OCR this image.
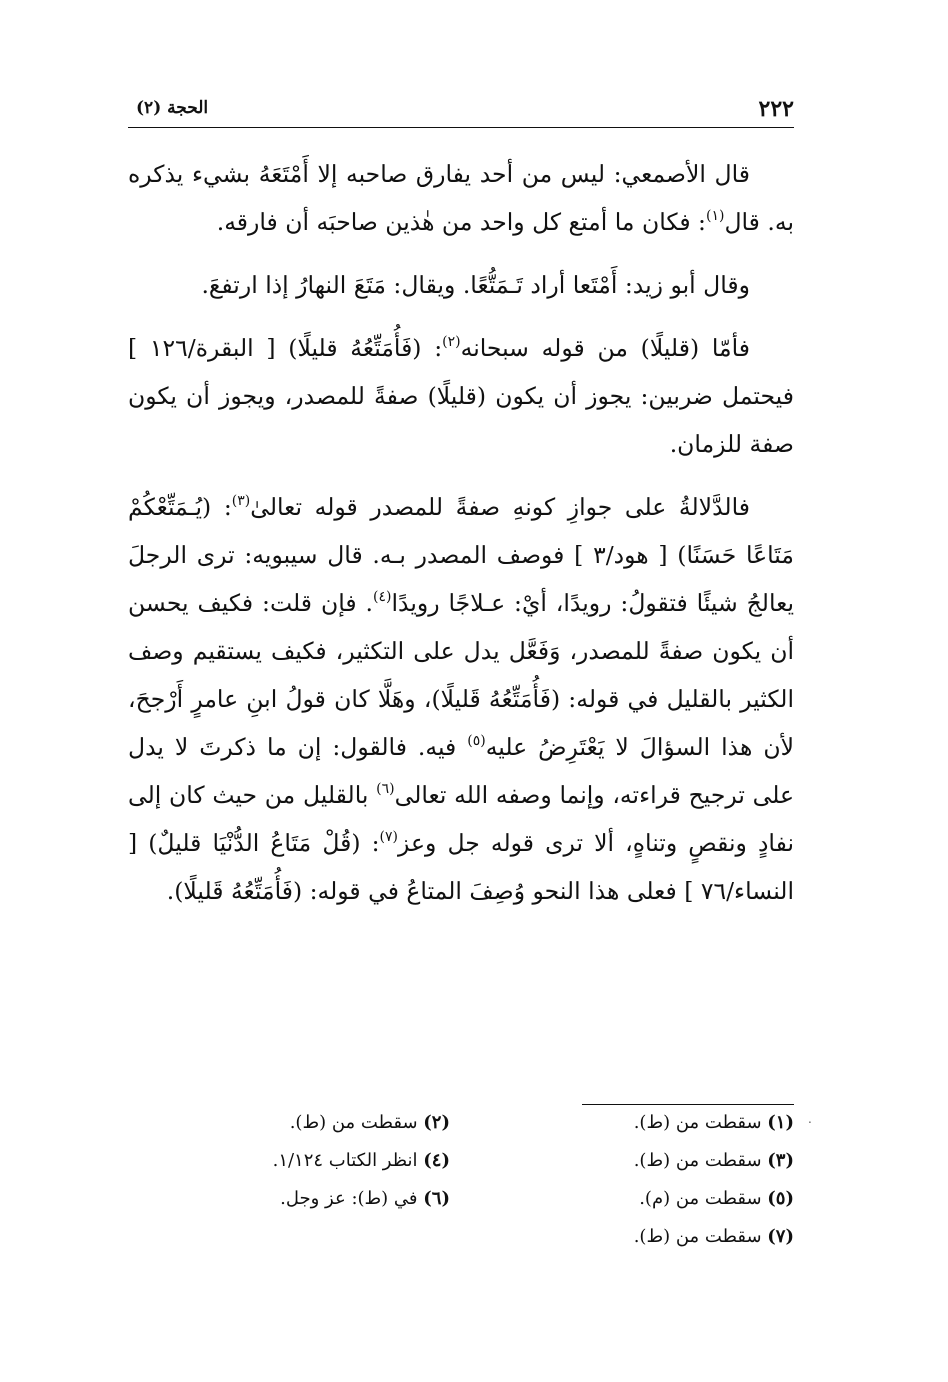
٢٢٢
الحجة (٢)

قال الأصمعي: ليس من أحد يفارق صاحبه إلا أَمْتَعَهُ بشيء يذكره به. قال$^{(١)}$: فكان ما أمتع كل واحد من هٰذين صاحبَه أن فارقه.

وقال أبو زيد: أَمْتَعا أراد تَـمَتُّعًا. ويقال: مَتَعَ النهارُ إذا ارتفعَ.

فأمّا (قليلًا) من قوله سبحانه$^{(٢)}$: (فَأُمَتِّعُهُ قليلًا) [ البقرة/١٢٦ ] فيحتمل ضربين: يجوز أن يكون (قليلًا) صفةً للمصدر، ويجوز أن يكون صفة للزمان.

فالدَّلالةُ على جوازِ كونهِ صفةً للمصدر قوله تعالىٰ$^{(٣)}$: (يُـمَتِّعْكُمْ مَتَاعًا حَسَنًا) [ هود/٣ ] فوصف المصدر بـه. قال سيبويه: ترى الرجلَ يعالجُ شيئًا فتقولُ: رويدًا، أيْ: عـلاجًا رويدًا$^{(٤)}$. فإن قلت: فكيف يحسن أن يكون صفةً للمصدر، وَفَعَّل يدل على التكثير، فكيف يستقيم وصف الكثير بالقليل في قوله: (فَأُمَتِّعُهُ قَليلًا)، وهَلَّا كان قولُ ابنِ عامرٍ أَرْجحَ، لأن هذا السؤالَ لا يَعْتَرِضُ عليه$^{(٥)}$ فيه. فالقول: إن ما ذكرتَ لا يدل على ترجيح قراءته، وإنما وصفه الله تعالى$^{(٦)}$ بالقليل من حيث كان إلى نفادٍ ونقصٍ وتناهٍ، ألا ترى قوله جل وعز$^{(٧)}$: (قُلْ مَتَاعُ الدُّنْيَا قليلٌ) [ النساء/٧٦ ] فعلى هذا النحو وُصِفَ المتاعُ في قوله: (فَأُمَتِّعُهُ قَليلًا).

.
(١) سقطت من (ط).
(٢) سقطت من (ط).
(٣) سقطت من (ط).
(٤) انظر الكتاب ١/١٢٤.
(٥) سقطت من (م).
(٦) في (ط): عز وجل.
(٧) سقطت من (ط).
